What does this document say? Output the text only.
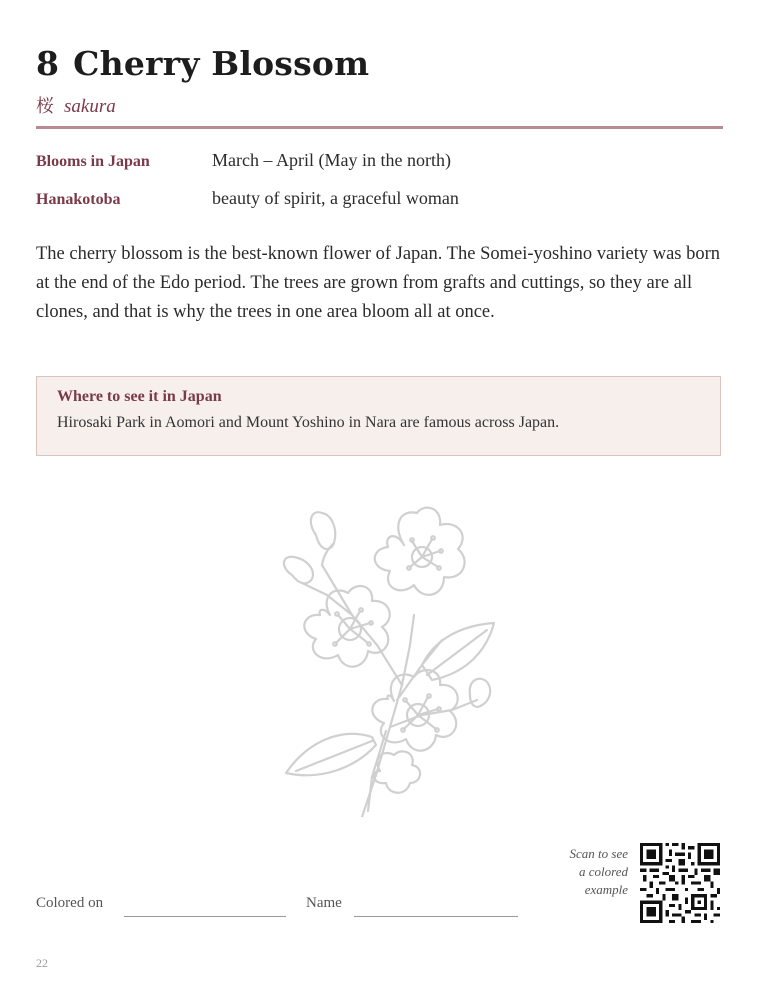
8 Cherry Blossom
桜 sakura
Blooms in Japan	March – April (May in the north)
Hanakotoba	beauty of spirit, a graceful woman

The cherry blossom is the best-known flower of Japan. The Somei-yoshino variety was born at the end of the Edo period. The trees are grown from grafts and cuttings, so they are all clones, and that is why the trees in one area bloom all at once.

Where to see it in Japan
Hirosaki Park in Aomori and Mount Yoshino in Nara are famous across Japan.
Colored on	Name
Scan to see
a colored
example
22
